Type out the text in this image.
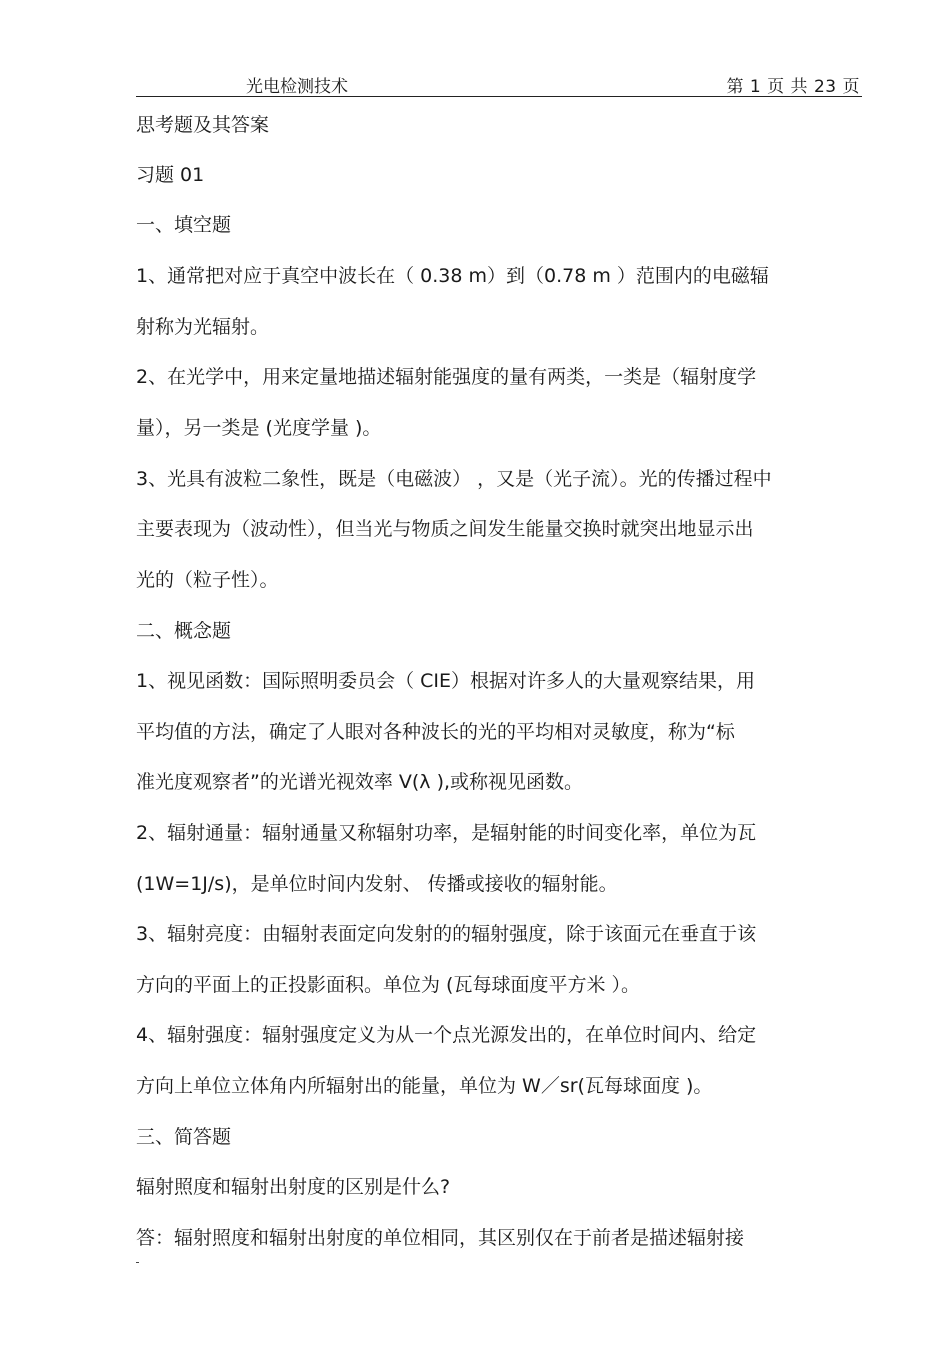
光电检测技术	第 1 页 共 23 页
思考题及其答案
习题 01
一、填空题
1、通常把对应于真空中波长在（ 0.38 m）到（0.78 m ）范围内的电磁辐
射称为光辐射。
2、在光学中，用来定量地描述辐射能强度的量有两类，一类是（辐射度学
量），另一类是 (光度学量 )。
3、光具有波粒二象性，既是（电磁波） ，又是（光子流）。光的传播过程中
主要表现为（波动性），但当光与物质之间发生能量交换时就突出地显示出
光的（粒子性）。
二、概念题
1、视见函数：国际照明委员会（ CIE）根据对许多人的大量观察结果，用
平均值的方法，确定了人眼对各种波长的光的平均相对灵敏度，称为“标
准光度观察者”的光谱光视效率 V(λ ),或称视见函数。
2、辐射通量：辐射通量又称辐射功率，是辐射能的时间变化率，单位为瓦
(1W=1J/s)，是单位时间内发射、 传播或接收的辐射能。
3、辐射亮度：由辐射表面定向发射的的辐射强度，除于该面元在垂直于该
方向的平面上的正投影面积。单位为 (瓦每球面度平方米 ）。
4、辐射强度：辐射强度定义为从一个点光源发出的，在单位时间内、给定
方向上单位立体角内所辐射出的能量，单位为 W／sr(瓦每球面度 )。
三、简答题
辐射照度和辐射出射度的区别是什么?
答：辐射照度和辐射出射度的单位相同，其区别仅在于前者是描述辐射接
